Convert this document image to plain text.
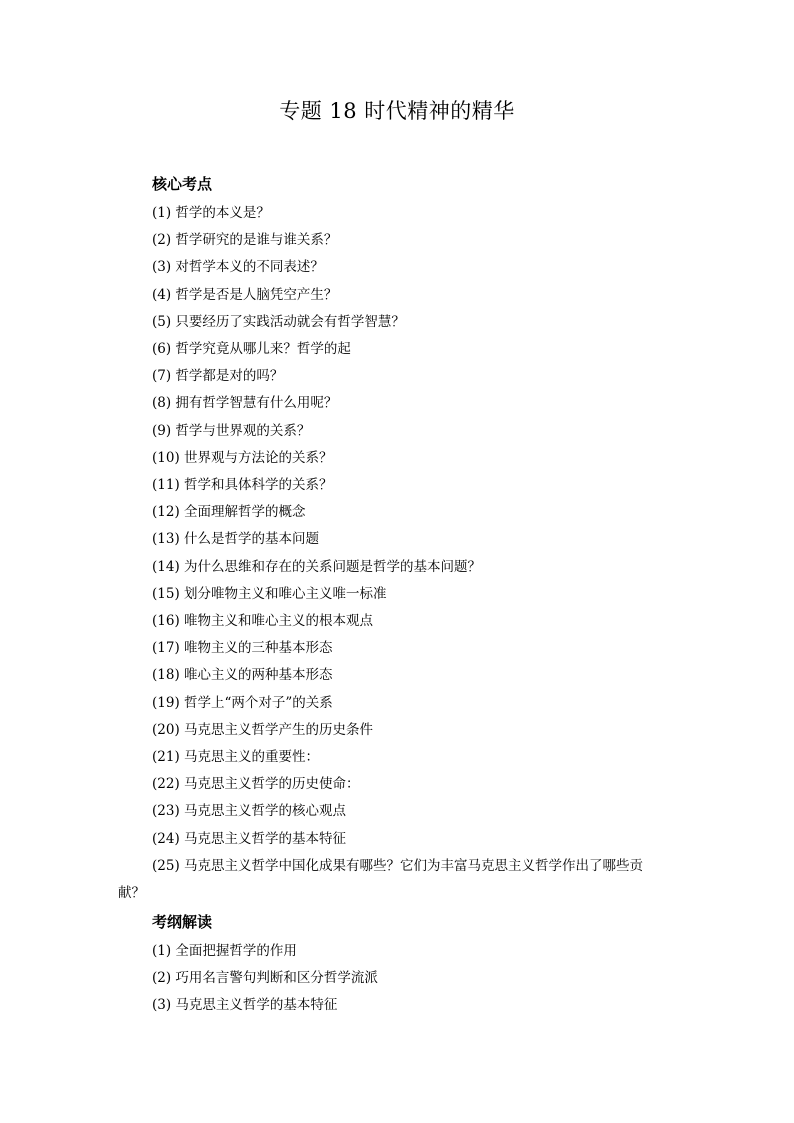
专题 18 时代精神的精华
核心考点
(1) 哲学的本义是？
(2) 哲学研究的是谁与谁关系？
(3) 对哲学本义的不同表述？
(4) 哲学是否是人脑凭空产生？
(5) 只要经历了实践活动就会有哲学智慧？
(6) 哲学究竟从哪儿来？哲学的起
(7) 哲学都是对的吗？
(8) 拥有哲学智慧有什么用呢？
(9) 哲学与世界观的关系？
(10) 世界观与方法论的关系？
(11) 哲学和具体科学的关系？
(12) 全面理解哲学的概念
(13) 什么是哲学的基本问题
(14) 为什么思维和存在的关系问题是哲学的基本问题？
(15) 划分唯物主义和唯心主义唯一标准
(16) 唯物主义和唯心主义的根本观点
(17) 唯物主义的三种基本形态
(18) 唯心主义的两种基本形态
(19) 哲学上“两个对子”的关系
(20) 马克思主义哲学产生的历史条件
(21) 马克思主义的重要性：
(22) 马克思主义哲学的历史使命：
(23) 马克思主义哲学的核心观点
(24) 马克思主义哲学的基本特征
(25) 马克思主义哲学中国化成果有哪些？它们为丰富马克思主义哲学作出了哪些贡
献？
考纲解读
(1) 全面把握哲学的作用
(2) 巧用名言警句判断和区分哲学流派
(3) 马克思主义哲学的基本特征
